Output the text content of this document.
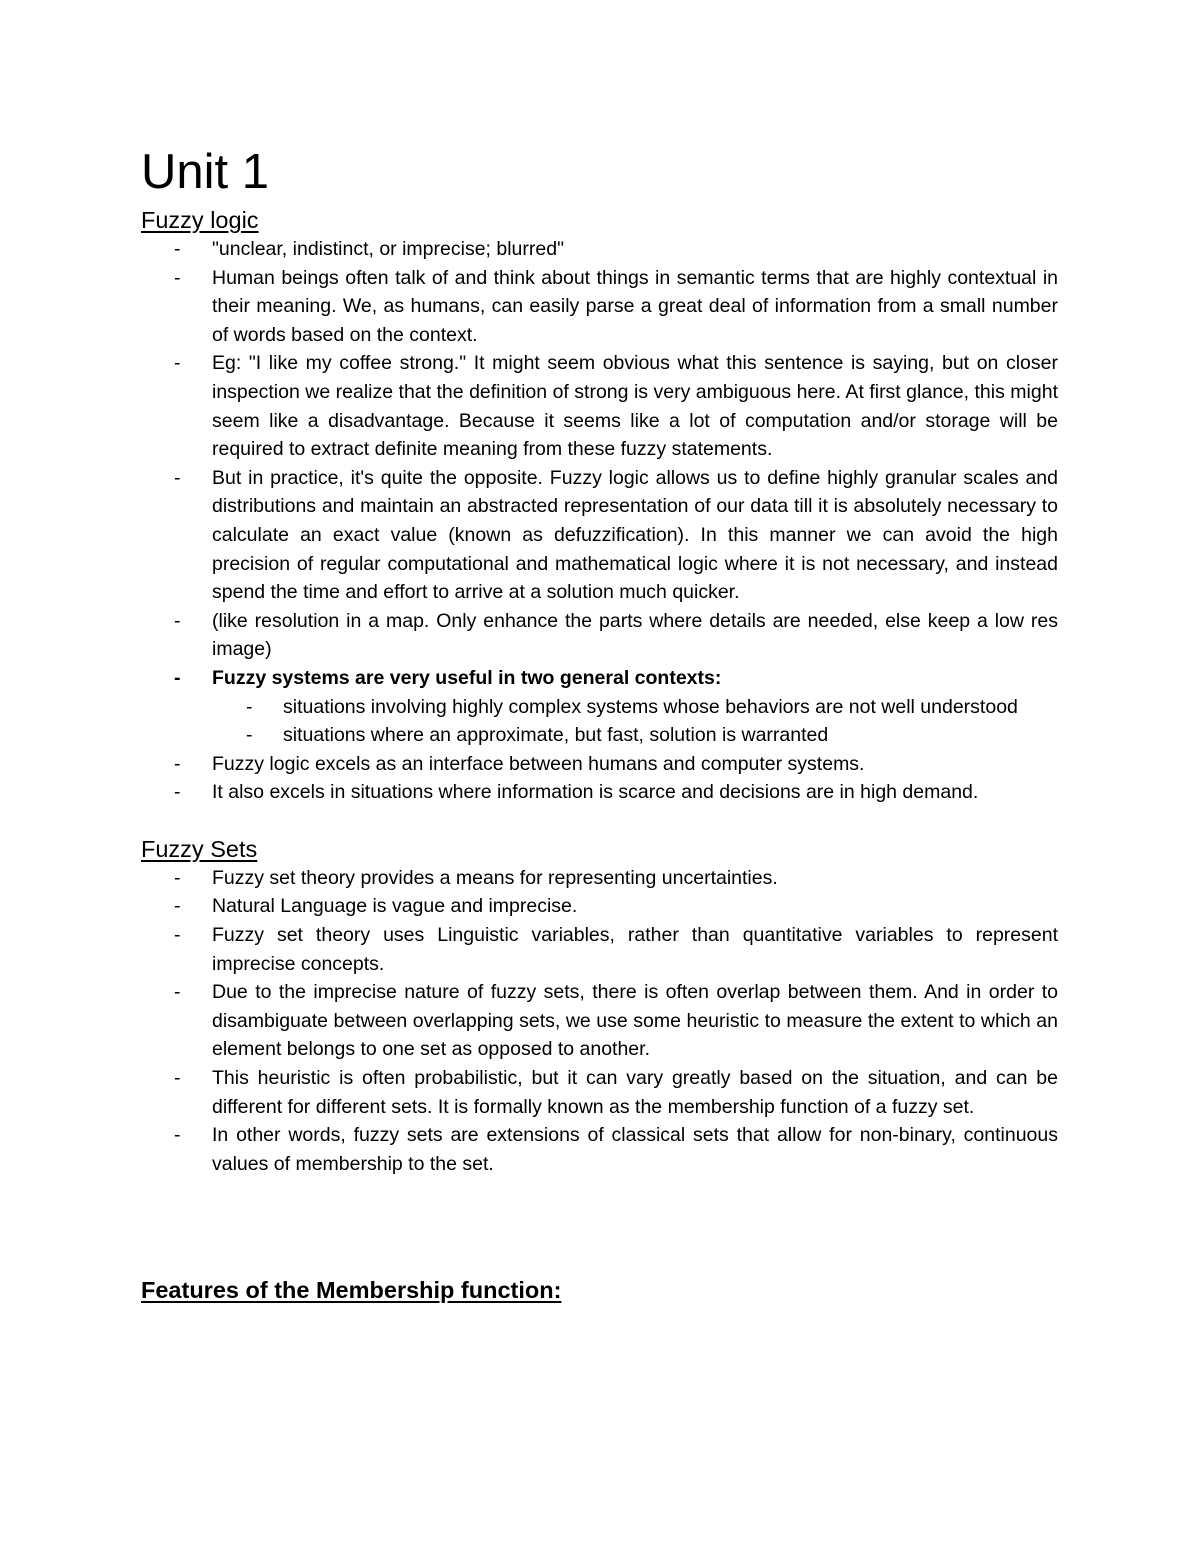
Unit 1
Fuzzy logic
- "unclear, indistinct, or imprecise; blurred"
- Human beings often talk of and think about things in semantic terms that are highly contextual in their meaning. We, as humans, can easily parse a great deal of information from a small number of words based on the context.
- Eg: "I like my coffee strong." It might seem obvious what this sentence is saying, but on closer inspection we realize that the definition of strong is very ambiguous here. At first glance, this might seem like a disadvantage. Because it seems like a lot of computation and/or storage will be required to extract definite meaning from these fuzzy statements.
- But in practice, it's quite the opposite. Fuzzy logic allows us to define highly granular scales and distributions and maintain an abstracted representation of our data till it is absolutely necessary to calculate an exact value (known as defuzzification). In this manner we can avoid the high precision of regular computational and mathematical logic where it is not necessary, and instead spend the time and effort to arrive at a solution much quicker.
- (like resolution in a map. Only enhance the parts where details are needed, else keep a low res image)
- Fuzzy systems are very useful in two general contexts:
- situations involving highly complex systems whose behaviors are not well understood
- situations where an approximate, but fast, solution is warranted
- Fuzzy logic excels as an interface between humans and computer systems.
- It also excels in situations where information is scarce and decisions are in high demand.
Fuzzy Sets
- Fuzzy set theory provides a means for representing uncertainties.
- Natural Language is vague and imprecise.
- Fuzzy set theory uses Linguistic variables, rather than quantitative variables to represent imprecise concepts.
- Due to the imprecise nature of fuzzy sets, there is often overlap between them. And in order to disambiguate between overlapping sets, we use some heuristic to measure the extent to which an element belongs to one set as opposed to another.
- This heuristic is often probabilistic, but it can vary greatly based on the situation, and can be different for different sets. It is formally known as the membership function of a fuzzy set.
- In other words, fuzzy sets are extensions of classical sets that allow for non-binary, continuous values of membership to the set.
Features of the Membership function:
